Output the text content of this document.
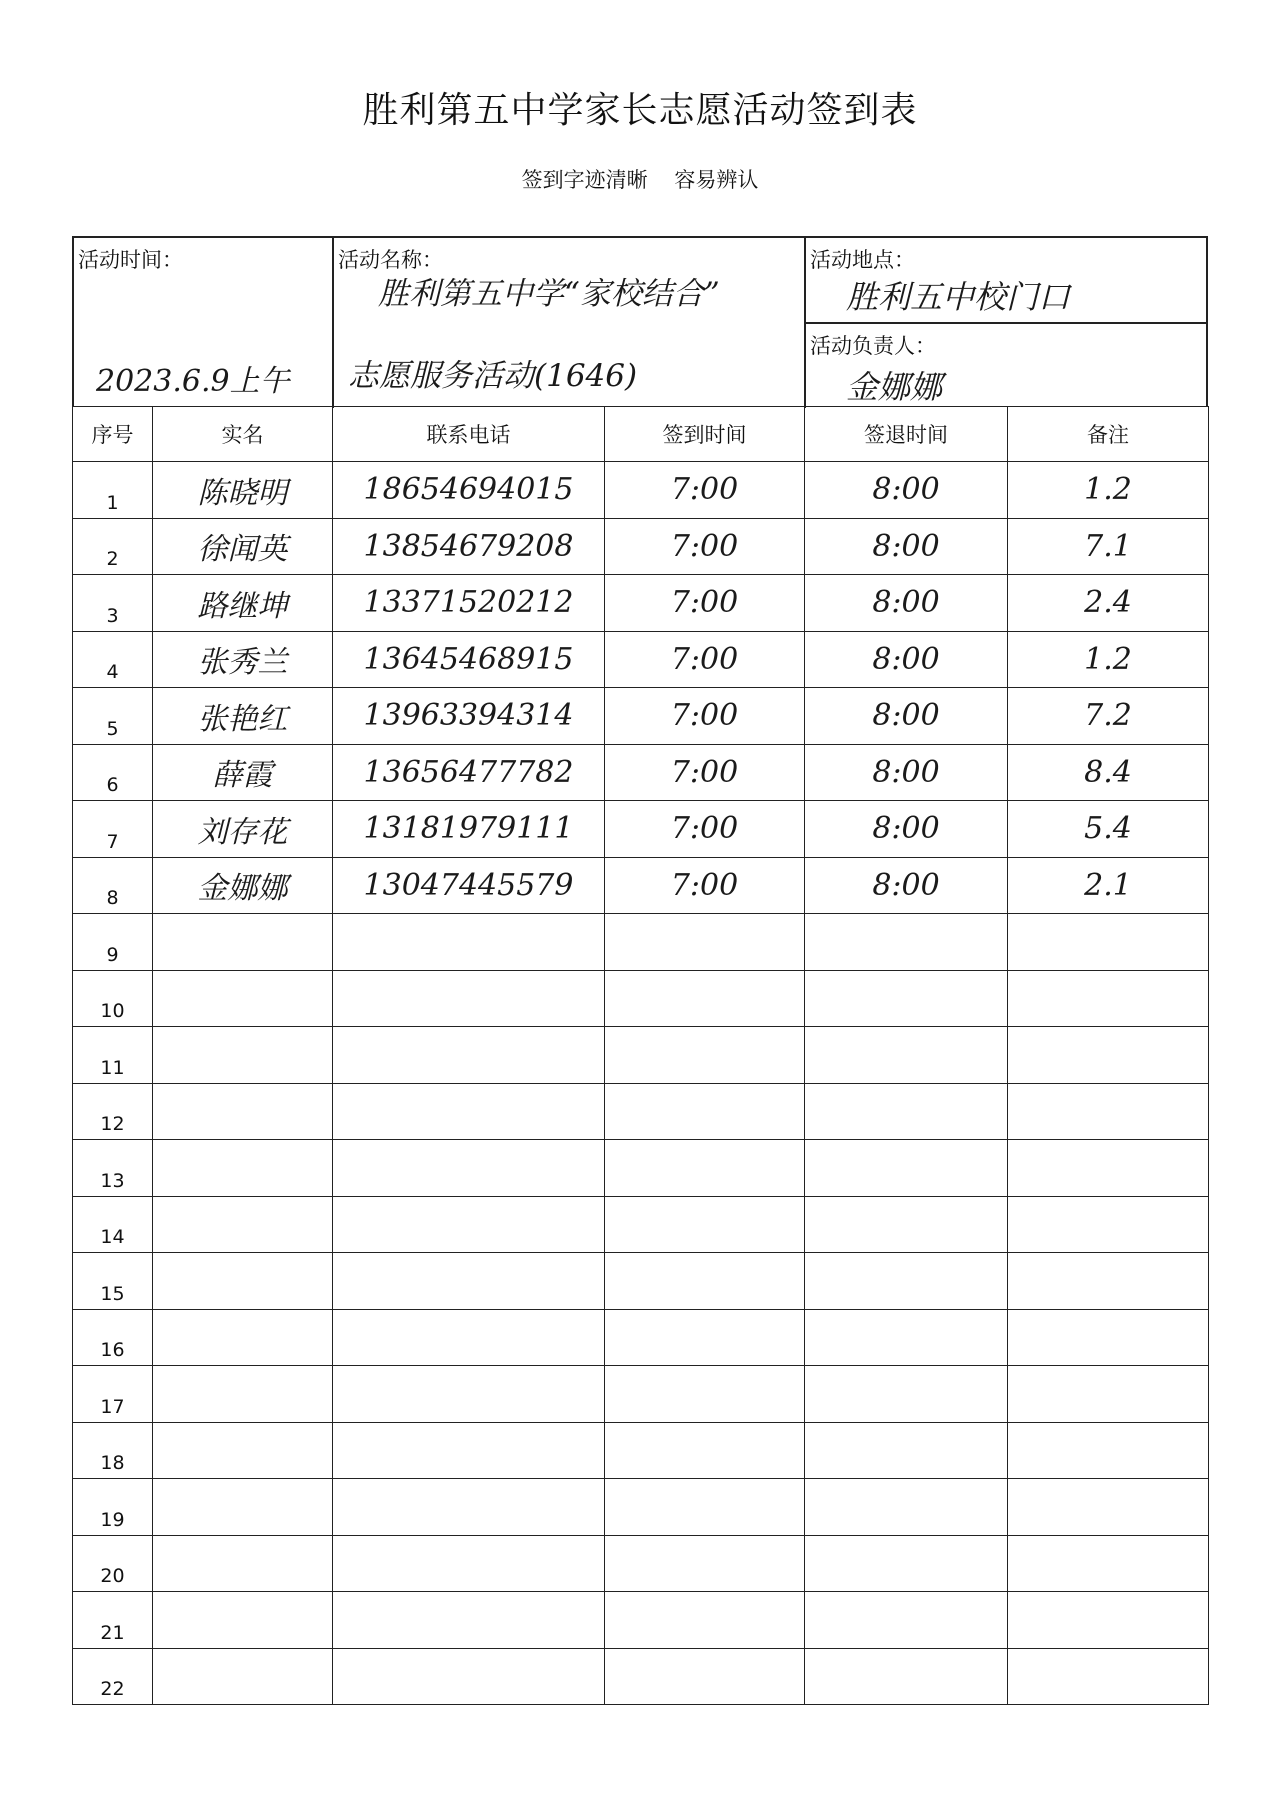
胜利第五中学家长志愿活动签到表
签到字迹清晰    容易辨认
活动时间：
2023.6.9上午
活动名称：
胜利第五中学“家校结合”
志愿服务活动(1646)
活动地点：
胜利五中校门口
活动负责人：
金娜娜
序号	实名	联系电话	签到时间	签退时间	备注
1	陈晓明	18654694015	7:00	8:00	1.2
2	徐闻英	13854679208	7:00	8:00	7.1
3	路继坤	13371520212	7:00	8:00	2.4
4	张秀兰	13645468915	7:00	8:00	1.2
5	张艳红	13963394314	7:00	8:00	7.2
6	薛霞	13656477782	7:00	8:00	8.4
7	刘存花	13181979111	7:00	8:00	5.4
8	金娜娜	13047445579	7:00	8:00	2.1
9					
10					
11					
12					
13					
14					
15					
16					
17					
18					
19					
20					
21					
22					
